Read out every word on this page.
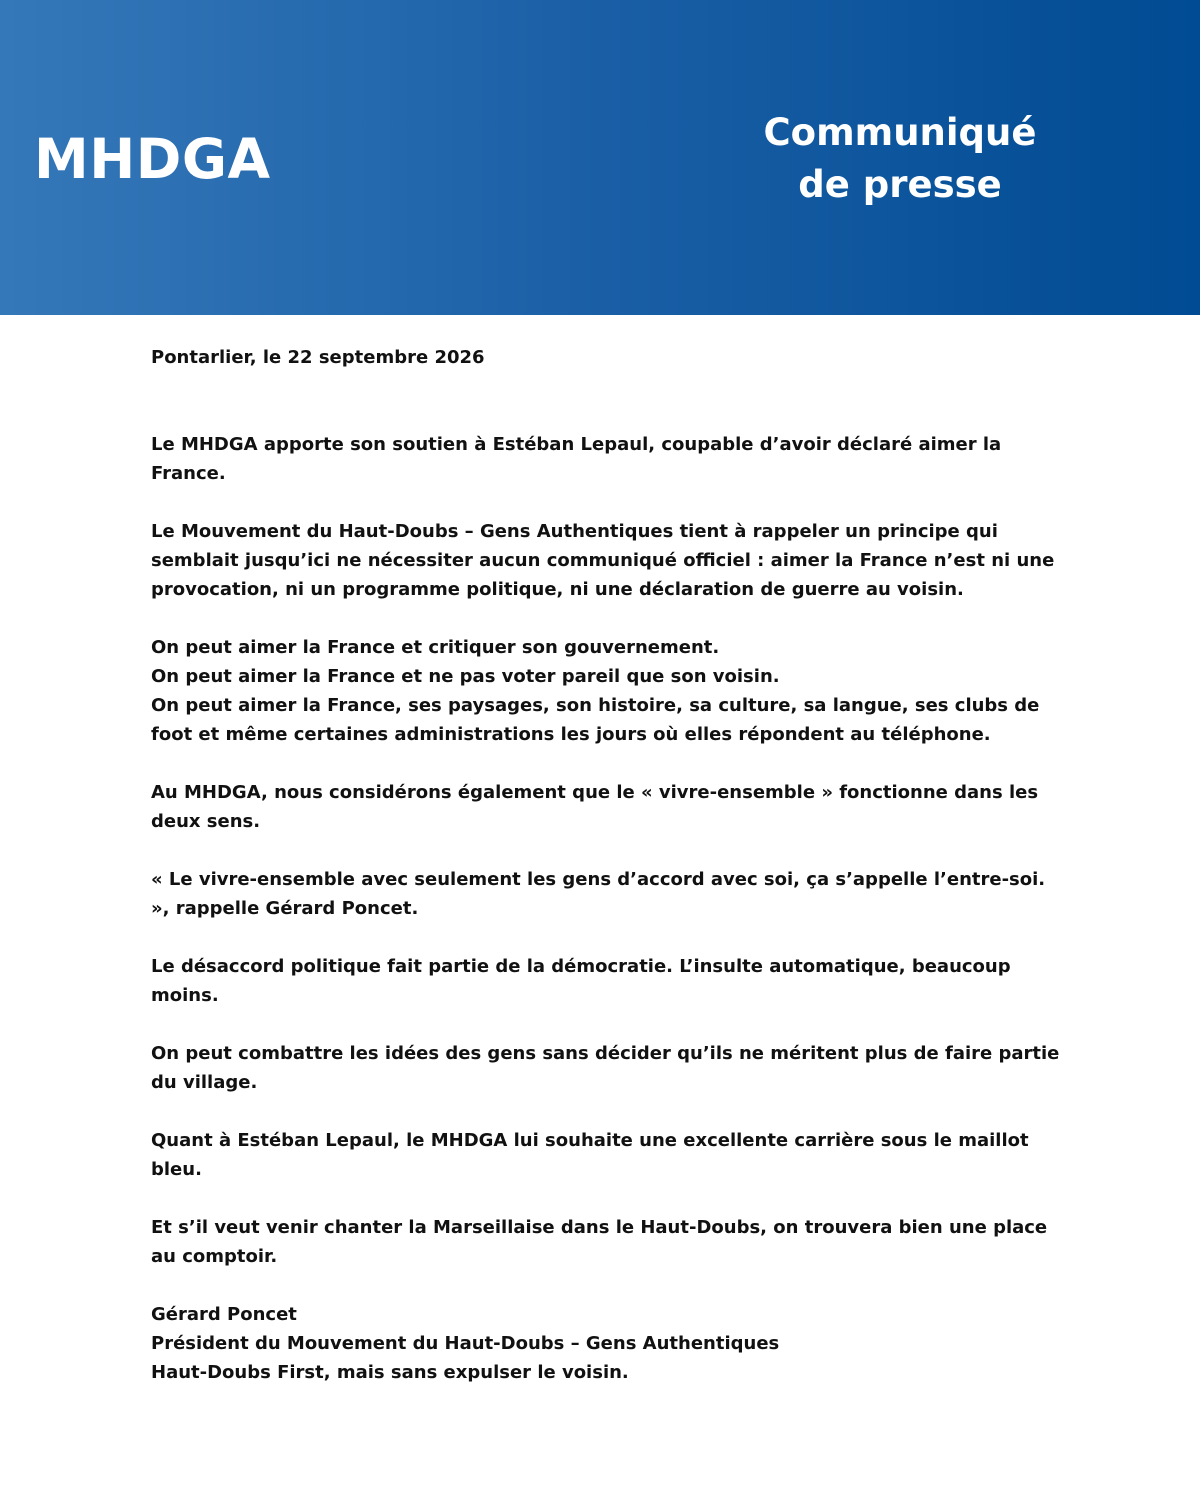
MHDGA	Communiqué
de presse
Pontarlier, le 22 septembre 2026
Le MHDGA apporte son soutien à Estéban Lepaul, coupable d’avoir déclaré aimer la France.
Le Mouvement du Haut-Doubs – Gens Authentiques tient à rappeler un principe qui semblait jusqu’ici ne nécessiter aucun communiqué officiel : aimer la France n’est ni une provocation, ni un programme politique, ni une déclaration de guerre au voisin.
On peut aimer la France et critiquer son gouvernement.
On peut aimer la France et ne pas voter pareil que son voisin.
On peut aimer la France, ses paysages, son histoire, sa culture, sa langue, ses clubs de foot et même certaines administrations les jours où elles répondent au téléphone.
Au MHDGA, nous considérons également que le « vivre-ensemble » fonctionne dans les deux sens.
« Le vivre-ensemble avec seulement les gens d’accord avec soi, ça s’appelle l’entre-soi. », rappelle Gérard Poncet.
Le désaccord politique fait partie de la démocratie. L’insulte automatique, beaucoup moins.
On peut combattre les idées des gens sans décider qu’ils ne méritent plus de faire partie du village.
Quant à Estéban Lepaul, le MHDGA lui souhaite une excellente carrière sous le maillot bleu.
Et s’il veut venir chanter la Marseillaise dans le Haut-Doubs, on trouvera bien une place au comptoir.
Gérard Poncet
Président du Mouvement du Haut-Doubs – Gens Authentiques
Haut-Doubs First, mais sans expulser le voisin.
